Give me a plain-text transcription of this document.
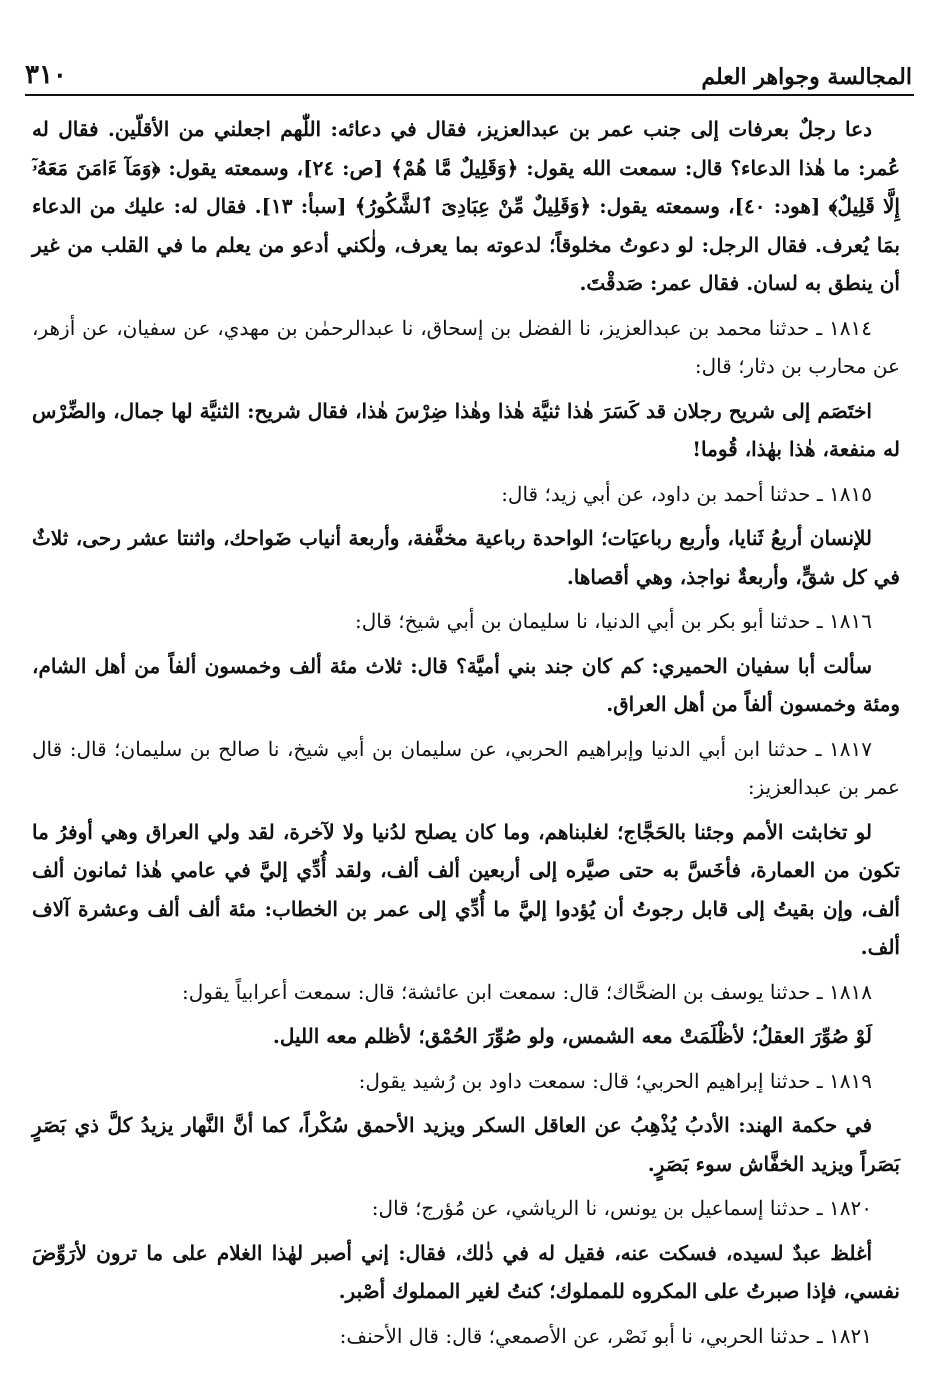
٣١٠	المجالسة وجواهر العلم

دعا رجلٌ بعرفات إلى جنب عمر بن عبدالعزيز، فقال في دعائه: اللّٰهم اجعلني من الأقلّين. فقال له عُمر: ما هٰذا الدعاء؟ قال: سمعت الله يقول: ﴿وَقَلِيلٌ مَّا هُمْ﴾ [ص: ٢٤]، وسمعته يقول: ﴿وَمَآ ءَامَنَ مَعَهُۥٓ إِلَّا قَلِيلٌ﴾ [هود: ٤٠]، وسمعته يقول: ﴿وَقَلِيلٌ مِّنْ عِبَادِىَ ٱلشَّكُورُ﴾ [سبأ: ١٣]. فقال له: عليك من الدعاء بمَا يُعرف. فقال الرجل: لو دعوتُ مخلوقاً؛ لدعوته بما يعرف، ولٰكني أدعو من يعلم ما في القلب من غير أن ينطق به لسان. فقال عمر: صَدقْتَ.

١٨١٤ ـ حدثنا محمد بن عبدالعزيز، نا الفضل بن إسحاق، نا عبدالرحمٰن بن مهدي، عن سفيان، عن أزهر، عن محارب بن دثار؛ قال:

اختَصَم إلى شريح رجلان قد كَسَرَ هٰذا ثنيَّة هٰذا وهٰذا ضِرْسَ هٰذا، فقال شريح: الثنيَّة لها جمال، والضِّرْس له منفعة، هٰذا بهٰذا، قُوما!

١٨١٥ ـ حدثنا أحمد بن داود، عن أبي زيد؛ قال:

للإنسان أربعُ ثَنايا، وأربع رباعيَات؛ الواحدة رباعية مخفَّفة، وأربعة أنياب ضَواحك، واثنتا عشر رحى، ثلاثٌ في كل شقٍّ، وأربعةٌ نواجذ، وهي أقصاها.

١٨١٦ ـ حدثنا أبو بكر بن أبي الدنيا، نا سليمان بن أبي شيخ؛ قال:

سألت أبا سفيان الحميري: كم كان جند بني أميَّة؟ قال: ثلاث مئة ألف وخمسون ألفاً من أهل الشام، ومئة وخمسون ألفاً من أهل العراق.

١٨١٧ ـ حدثنا ابن أبي الدنيا وإبراهيم الحربي، عن سليمان بن أبي شيخ، نا صالح بن سليمان؛ قال: قال عمر بن عبدالعزيز:

لو تخابثت الأمم وجئنا بالحَجَّاج؛ لغلبناهم، وما كان يصلح لدُنيا ولا لآخرة، لقد ولي العراق وهي أوفرُ ما تكون من العمارة، فأخَسَّ به حتى صيَّره إلى أربعين ألف ألف، ولقد أُدِّي إليَّ في عامي هٰذا ثمانون ألف ألف، وإن بقيتُ إلى قابل رجوتُ أن يُؤدوا إليَّ ما أُدِّي إلى عمر بن الخطاب: مئة ألف ألف وعشرة آلاف ألف.

١٨١٨ ـ حدثنا يوسف بن الضحَّاك؛ قال: سمعت ابن عائشة؛ قال: سمعت أعرابياً يقول:

لَوْ صُوِّرَ العقلُ؛ لأظْلَمَتْ معه الشمس، ولو صُوِّرَ الحُمْق؛ لأظلم معه الليل.

١٨١٩ ـ حدثنا إبراهيم الحربي؛ قال: سمعت داود بن رُشيد يقول:

في حكمة الهند: الأدبُ يُذْهِبُ عن العاقل السكر ويزيد الأحمق سُكْراً، كما أنَّ النَّهار يزيدُ كلَّ ذي بَصَرٍ بَصَراً ويزيد الخفَّاش سوء بَصَرٍ.

١٨٢٠ ـ حدثنا إسماعيل بن يونس، نا الرياشي، عن مُؤرج؛ قال:

أغلظ عبدٌ لسيده، فسكت عنه، فقيل له في ذٰلك، فقال: إني أصبر لهٰذا الغلام على ما ترون لأرَوِّضَ نفسي، فإذا صبرتُ على المكروه للمملوك؛ كنتُ لغير المملوك أصْبر.

١٨٢١ ـ حدثنا الحربي، نا أبو نَصْر، عن الأصمعي؛ قال: قال الأحنف:
